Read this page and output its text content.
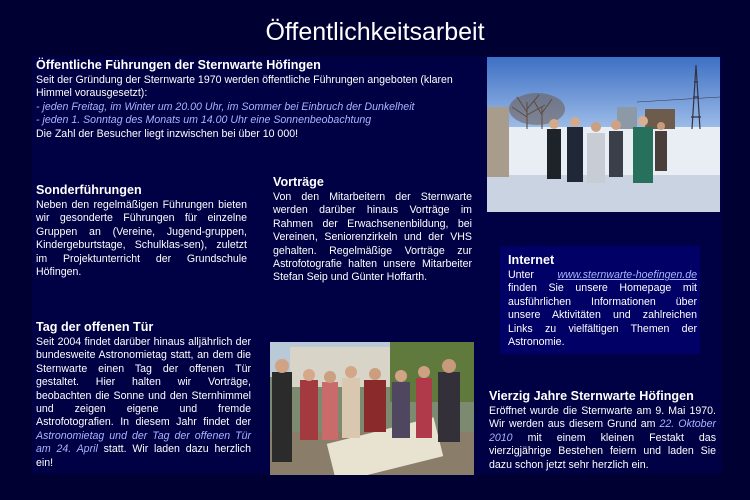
Öffentlichkeitsarbeit
Öffentliche Führungen der Sternwarte Höfingen

Seit der Gründung der Sternwarte 1970 werden öffentliche Führungen angeboten (klaren Himmel vorausgesetzt):

- jeden Freitag, im Winter um 20.00 Uhr, im Sommer bei Einbruch der Dunkelheit

- jeden 1. Sonntag des Monats um 14.00 Uhr eine Sonnenbeobachtung

Die Zahl der Besucher liegt inzwischen bei über 10 000!

Sonderführungen

Neben den regelmäßigen Führungen bieten wir gesonderte Führungen für einzelne Gruppen an (Vereine, Jugend-gruppen, Kindergeburtstage, Schulklas-sen), zuletzt im Projektunterricht der Grundschule Höfingen.

Vorträge

Von den Mitarbeitern der Sternwarte werden darüber hinaus Vorträge im Rahmen der Erwachsenenbildung, bei Vereinen, Seniorenzirkeln und der VHS gehalten. Regelmäßige Vorträge zur Astrofotografie halten unsere Mitarbeiter Stefan Seip und Günter Hoffarth.

Internet

Unter www.sternwarte-hoefingen.de finden Sie unsere Homepage mit ausführlichen Informationen über unsere Aktivitäten und zahlreichen Links zu vielfältigen Themen der Astronomie.

Tag der offenen Tür

Seit 2004 findet darüber hinaus alljährlich der bundesweite Astronomietag statt, an dem die Sternwarte einen Tag der offenen Tür gestaltet. Hier halten wir Vorträge, beobachten die Sonne und den Sternhimmel und zeigen eigene und fremde Astrofotografien. In diesem Jahr findet der Astronomietag und der Tag der offenen Tür am 24. April statt. Wir laden dazu herzlich ein!

Vierzig Jahre Sternwarte Höfingen

Eröffnet wurde die Sternwarte am 9. Mai 1970. Wir werden aus diesem Grund am 22. Oktober 2010 mit einem kleinen Festakt das vierzigjährige Bestehen feiern und laden Sie dazu schon jetzt sehr herzlich ein.
